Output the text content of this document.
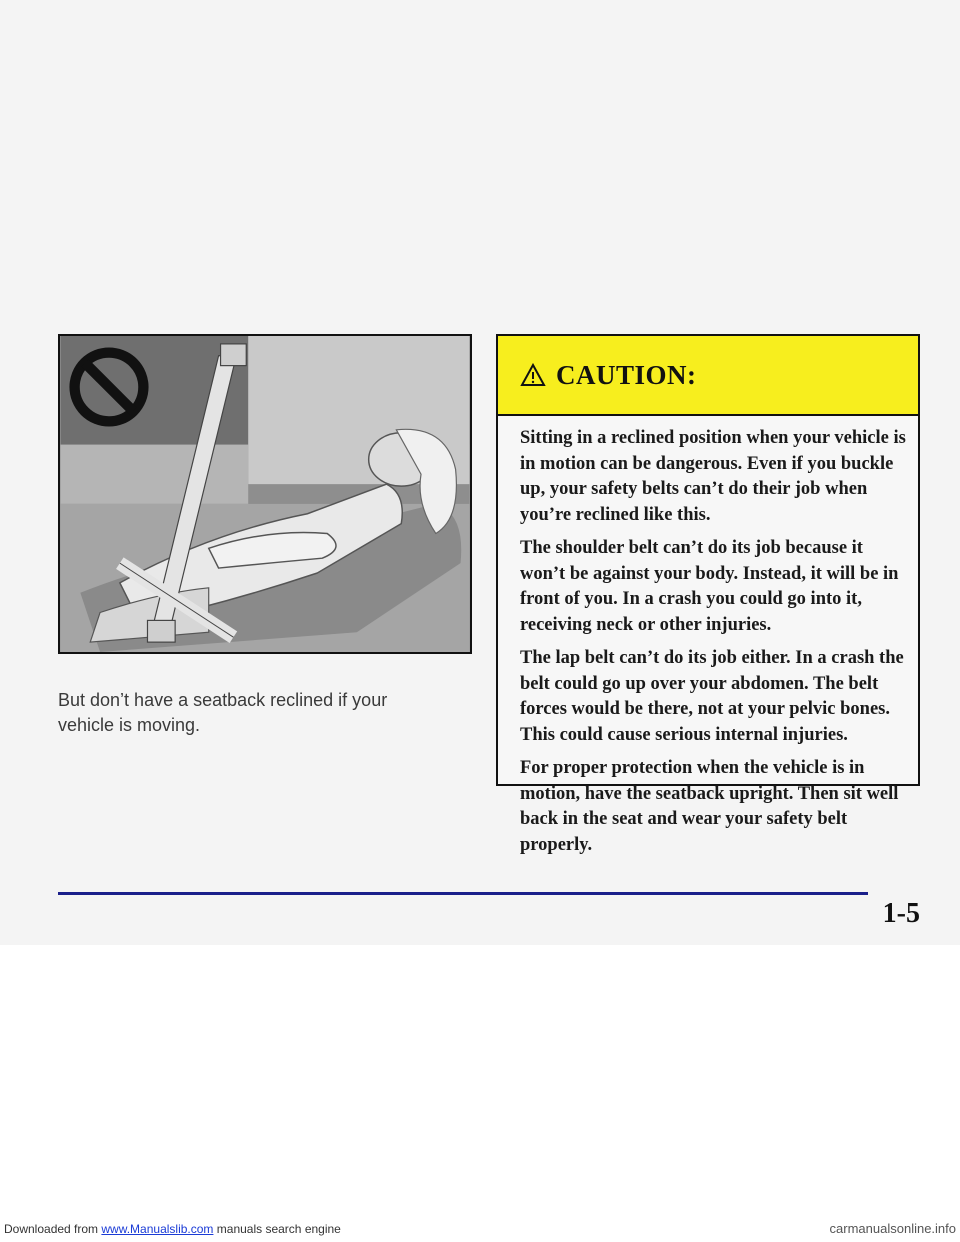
But don’t have a seatback reclined if your vehicle is moving.
CAUTION:

Sitting in a reclined position when your vehicle is in motion can be dangerous. Even if you buckle up, your safety belts can’t do their job when you’re reclined like this.

The shoulder belt can’t do its job because it won’t be against your body. Instead, it will be in front of you. In a crash you could go into it, receiving neck or other injuries.

The lap belt can’t do its job either. In a crash the belt could go up over your abdomen. The belt forces would be there, not at your pelvic bones. This could cause serious internal injuries.

For proper protection when the vehicle is in motion, have the seatback upright. Then sit well back in the seat and wear your safety belt properly.

1-5
Downloaded from www.Manualslib.com manuals search engine	carmanualsonline.info
